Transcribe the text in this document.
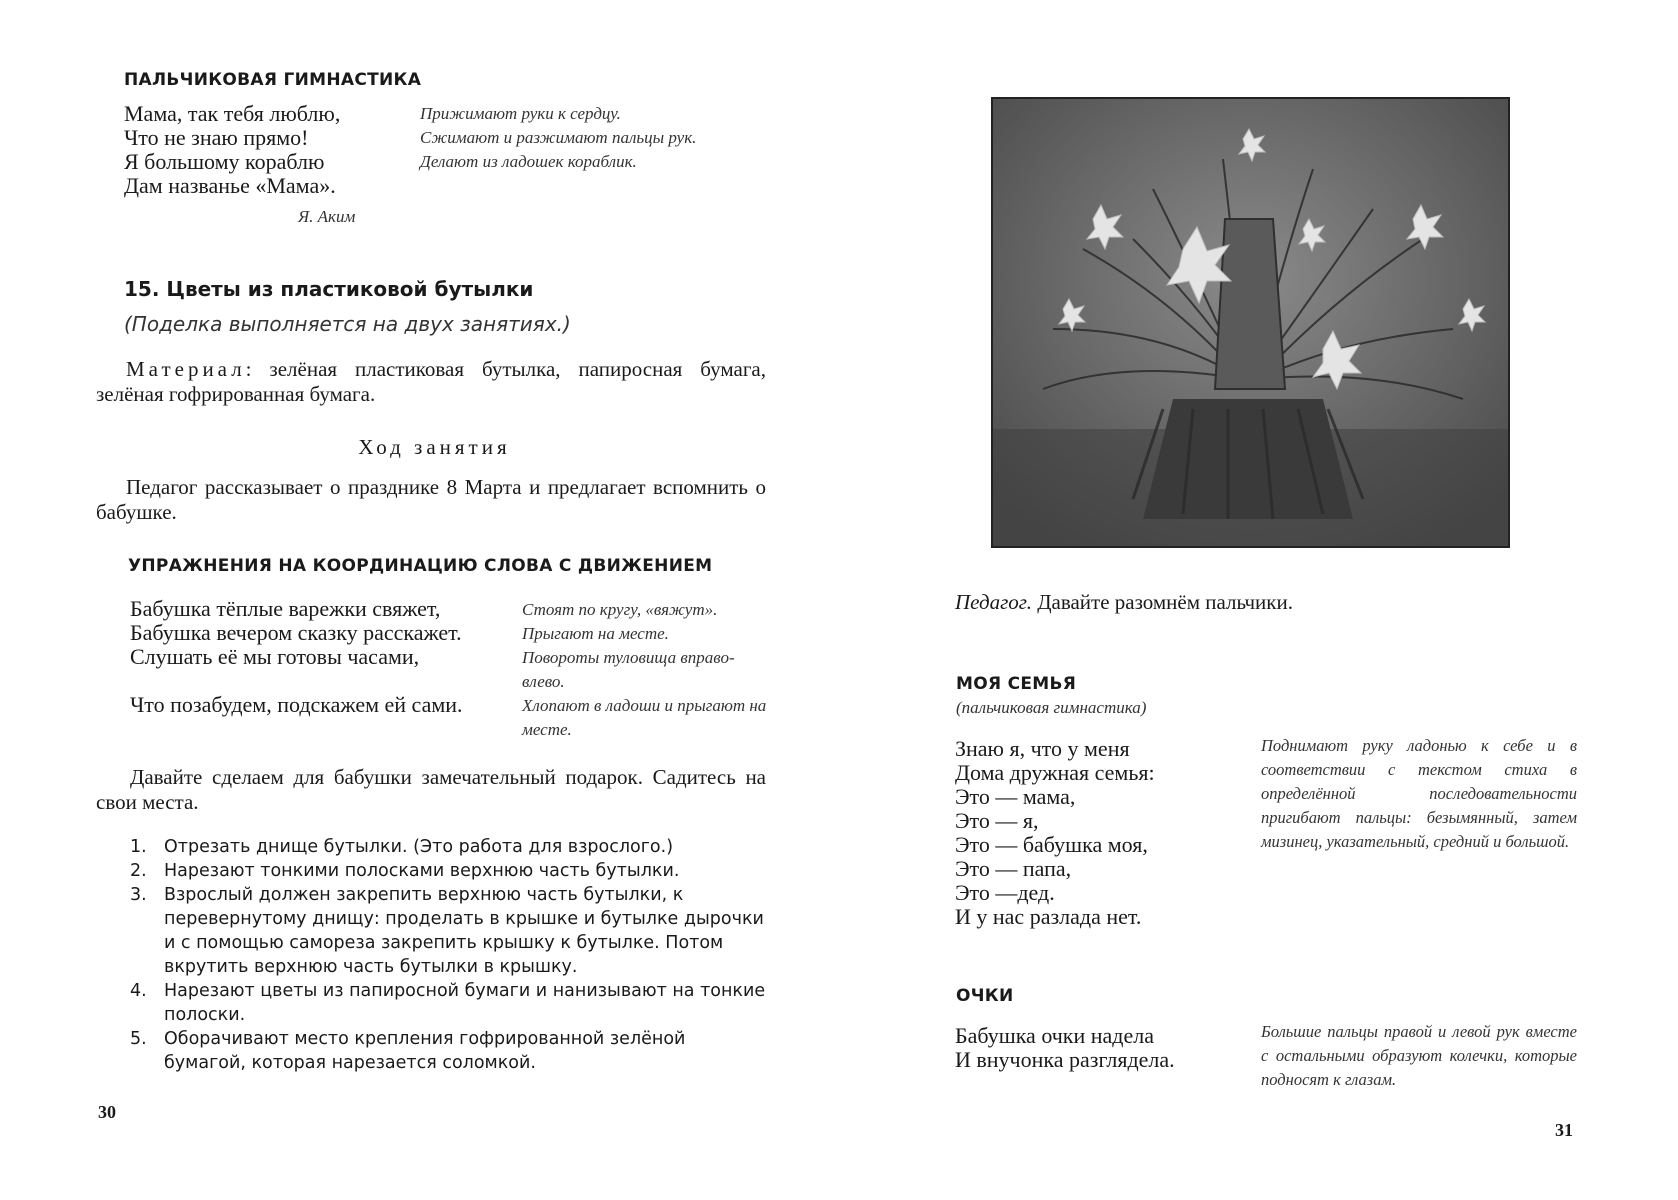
ПАЛЬЧИКОВАЯ ГИМНАСТИКА
Мама, так тебя люблю,
Что не знаю прямо!
Я большому кораблю
Дам названье «Мама».
Прижимают руки к сердцу.
Сжимают и разжимают пальцы рук.
Делают из ладошек кораблик.
Я. Аким
15. Цветы из пластиковой бутылки
(Поделка выполняется на двух занятиях.)
Материал: зелёная пластиковая бутылка, папиросная бумага, зелёная гофрированная бумага.
Ход занятия
Педагог рассказывает о празднике 8 Марта и предлагает вспомнить о бабушке.
УПРАЖНЕНИЯ НА КООРДИНАЦИЮ СЛОВА С ДВИЖЕНИЕМ
Бабушка тёплые варежки свяжет,
Бабушка вечером сказку расскажет.
Слушать её мы готовы часами,
Что позабудем, подскажем ей сами.
Стоят по кругу, «вяжут».
Прыгают на месте.
Повороты туловища вправо-влево.
Хлопают в ладоши и прыгают на месте.
Давайте сделаем для бабушки замечательный подарок. Садитесь на свои места.
1. Отрезать днище бутылки. (Это работа для взрослого.)
2. Нарезают тонкими полосками верхнюю часть бутылки.
3. Взрослый должен закрепить верхнюю часть бутылки, к перевернутому днищу: проделать в крышке и бутылке дырочки и с помощью самореза закрепить крышку к бутылке. Потом вкрутить верхнюю часть бутылки в крышку.
4. Нарезают цветы из папиросной бумаги и нанизывают на тонкие полоски.
5. Оборачивают место крепления гофрированной зелёной бумагой, которая нарезается соломкой.
30
Педагог. Давайте разомнём пальчики.
МОЯ СЕМЬЯ
(пальчиковая гимнастика)
Знаю я, что у меня
Дома дружная семья:
Это — мама,
Это — я,
Это — бабушка моя,
Это — папа,
Это —дед.
И у нас разлада нет.
Поднимают руку ладонью к себе и в соответствии с текстом стиха в определённой последовательности пригибают пальцы: безымянный, затем мизинец, указательный, средний и большой.
ОЧКИ
Бабушка очки надела
И внучонка разглядела.
Большие пальцы правой и левой рук вместе с остальными образуют колечки, которые подносят к глазам.
31
